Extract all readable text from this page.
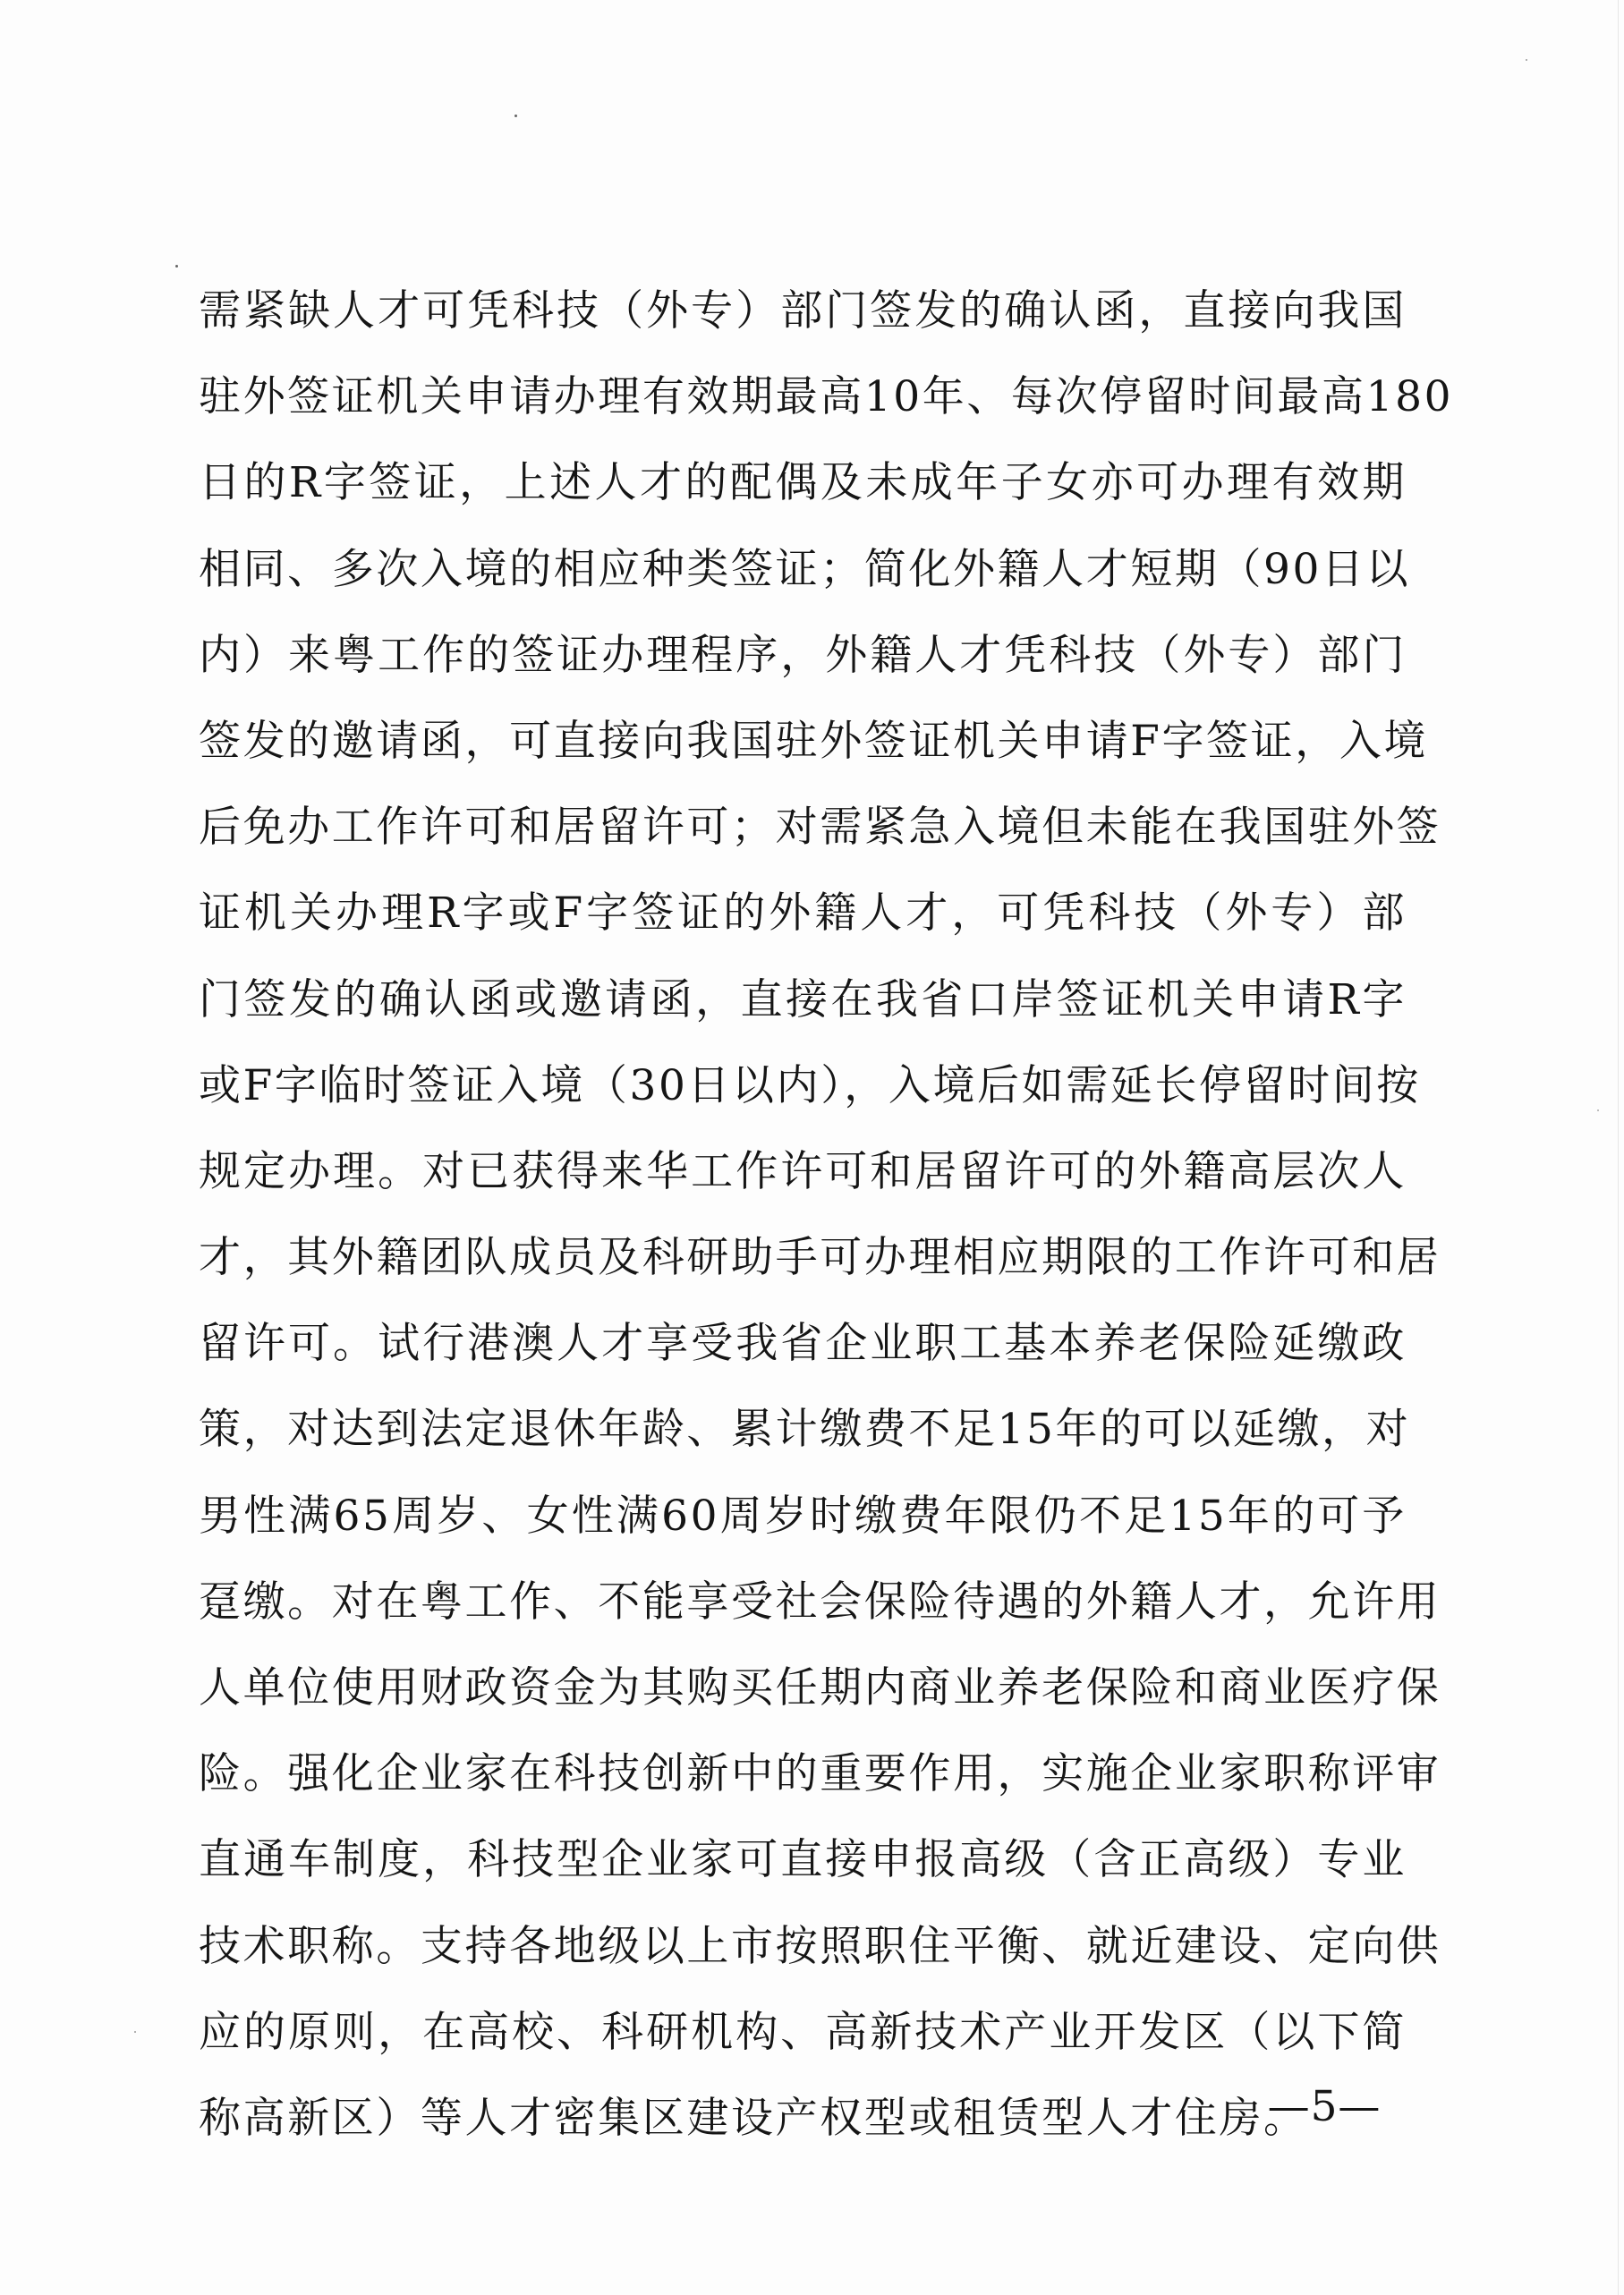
需紧缺人才可凭科技（外专）部门签发的确认函，直接向我国
驻外签证机关申请办理有效期最高10年、每次停留时间最高180
日的R字签证，上述人才的配偶及未成年子女亦可办理有效期
相同、多次入境的相应种类签证；简化外籍人才短期（90日以
内）来粤工作的签证办理程序，外籍人才凭科技（外专）部门
签发的邀请函，可直接向我国驻外签证机关申请F字签证，入境
后免办工作许可和居留许可；对需紧急入境但未能在我国驻外签
证机关办理R字或F字签证的外籍人才，可凭科技（外专）部
门签发的确认函或邀请函，直接在我省口岸签证机关申请R字
或F字临时签证入境（30日以内），入境后如需延长停留时间按
规定办理。对已获得来华工作许可和居留许可的外籍高层次人
才，其外籍团队成员及科研助手可办理相应期限的工作许可和居
留许可。试行港澳人才享受我省企业职工基本养老保险延缴政
策，对达到法定退休年龄、累计缴费不足15年的可以延缴，对
男性满65周岁、女性满60周岁时缴费年限仍不足15年的可予
趸缴。对在粤工作、不能享受社会保险待遇的外籍人才，允许用
人单位使用财政资金为其购买任期内商业养老保险和商业医疗保
险。强化企业家在科技创新中的重要作用，实施企业家职称评审
直通车制度，科技型企业家可直接申报高级（含正高级）专业
技术职称。支持各地级以上市按照职住平衡、就近建设、定向供
应的原则，在高校、科研机构、高新技术产业开发区（以下简
称高新区）等人才密集区建设产权型或租赁型人才住房。
—5—
